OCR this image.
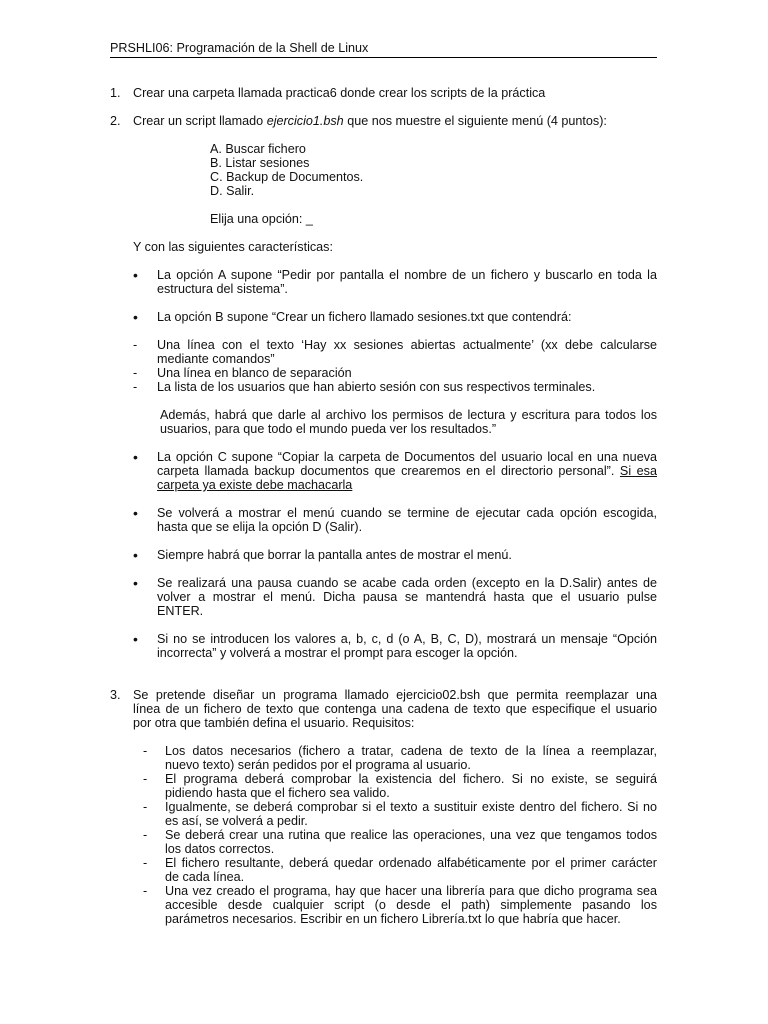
PRSHLI06: Programación de la Shell de Linux
1. Crear una carpeta llamada practica6 donde crear los scripts de la práctica
2. Crear un script llamado ejercicio1.bsh que nos muestre el siguiente menú (4 puntos):
A. Buscar fichero
B. Listar sesiones
C. Backup de Documentos.
D. Salir.
Elija una opción: _
Y con las siguientes características:
• La opción A supone “Pedir por pantalla el nombre de un fichero y buscarlo en toda la
estructura del sistema”.
• La opción B supone “Crear un fichero llamado sesiones.txt que contendrá:
- Una línea con el texto ‘Hay xx sesiones abiertas actualmente’ (xx debe calcularse
mediante comandos”
- Una línea en blanco de separación
- La lista de los usuarios que han abierto sesión con sus respectivos terminales.
Además, habrá que darle al archivo los permisos de lectura y escritura para todos los
usuarios, para que todo el mundo pueda ver los resultados.”
• La opción C supone “Copiar la carpeta de Documentos del usuario local en una nueva
carpeta llamada backup documentos que crearemos en el directorio personal”. Si esa
carpeta ya existe debe machacarla
• Se volverá a mostrar el menú cuando se termine de ejecutar cada opción escogida,
hasta que se elija la opción D (Salir).
• Siempre habrá que borrar la pantalla antes de mostrar el menú.
• Se realizará una pausa cuando se acabe cada orden (excepto en la D.Salir) antes de
volver a mostrar el menú. Dicha pausa se mantendrá hasta que el usuario pulse
ENTER.
• Si no se introducen los valores a, b, c, d (o A, B, C, D), mostrará un mensaje “Opción
incorrecta” y volverá a mostrar el prompt para escoger la opción.
3. Se pretende diseñar un programa llamado ejercicio02.bsh que permita reemplazar una
línea de un fichero de texto que contenga una cadena de texto que especifique el usuario
por otra que también defina el usuario. Requisitos:
- Los datos necesarios (fichero a tratar, cadena de texto de la línea a reemplazar,
nuevo texto) serán pedidos por el programa al usuario.
- El programa deberá comprobar la existencia del fichero. Si no existe, se seguirá
pidiendo hasta que el fichero sea valido.
- Igualmente, se deberá comprobar si el texto a sustituir existe dentro del fichero. Si no
es así, se volverá a pedir.
- Se deberá crear una rutina que realice las operaciones, una vez que tengamos todos
los datos correctos.
- El fichero resultante, deberá quedar ordenado alfabéticamente por el primer carácter
de cada línea.
- Una vez creado el programa, hay que hacer una librería para que dicho programa sea
accesible desde cualquier script (o desde el path) simplemente pasando los
parámetros necesarios. Escribir en un fichero Librería.txt lo que habría que hacer.
